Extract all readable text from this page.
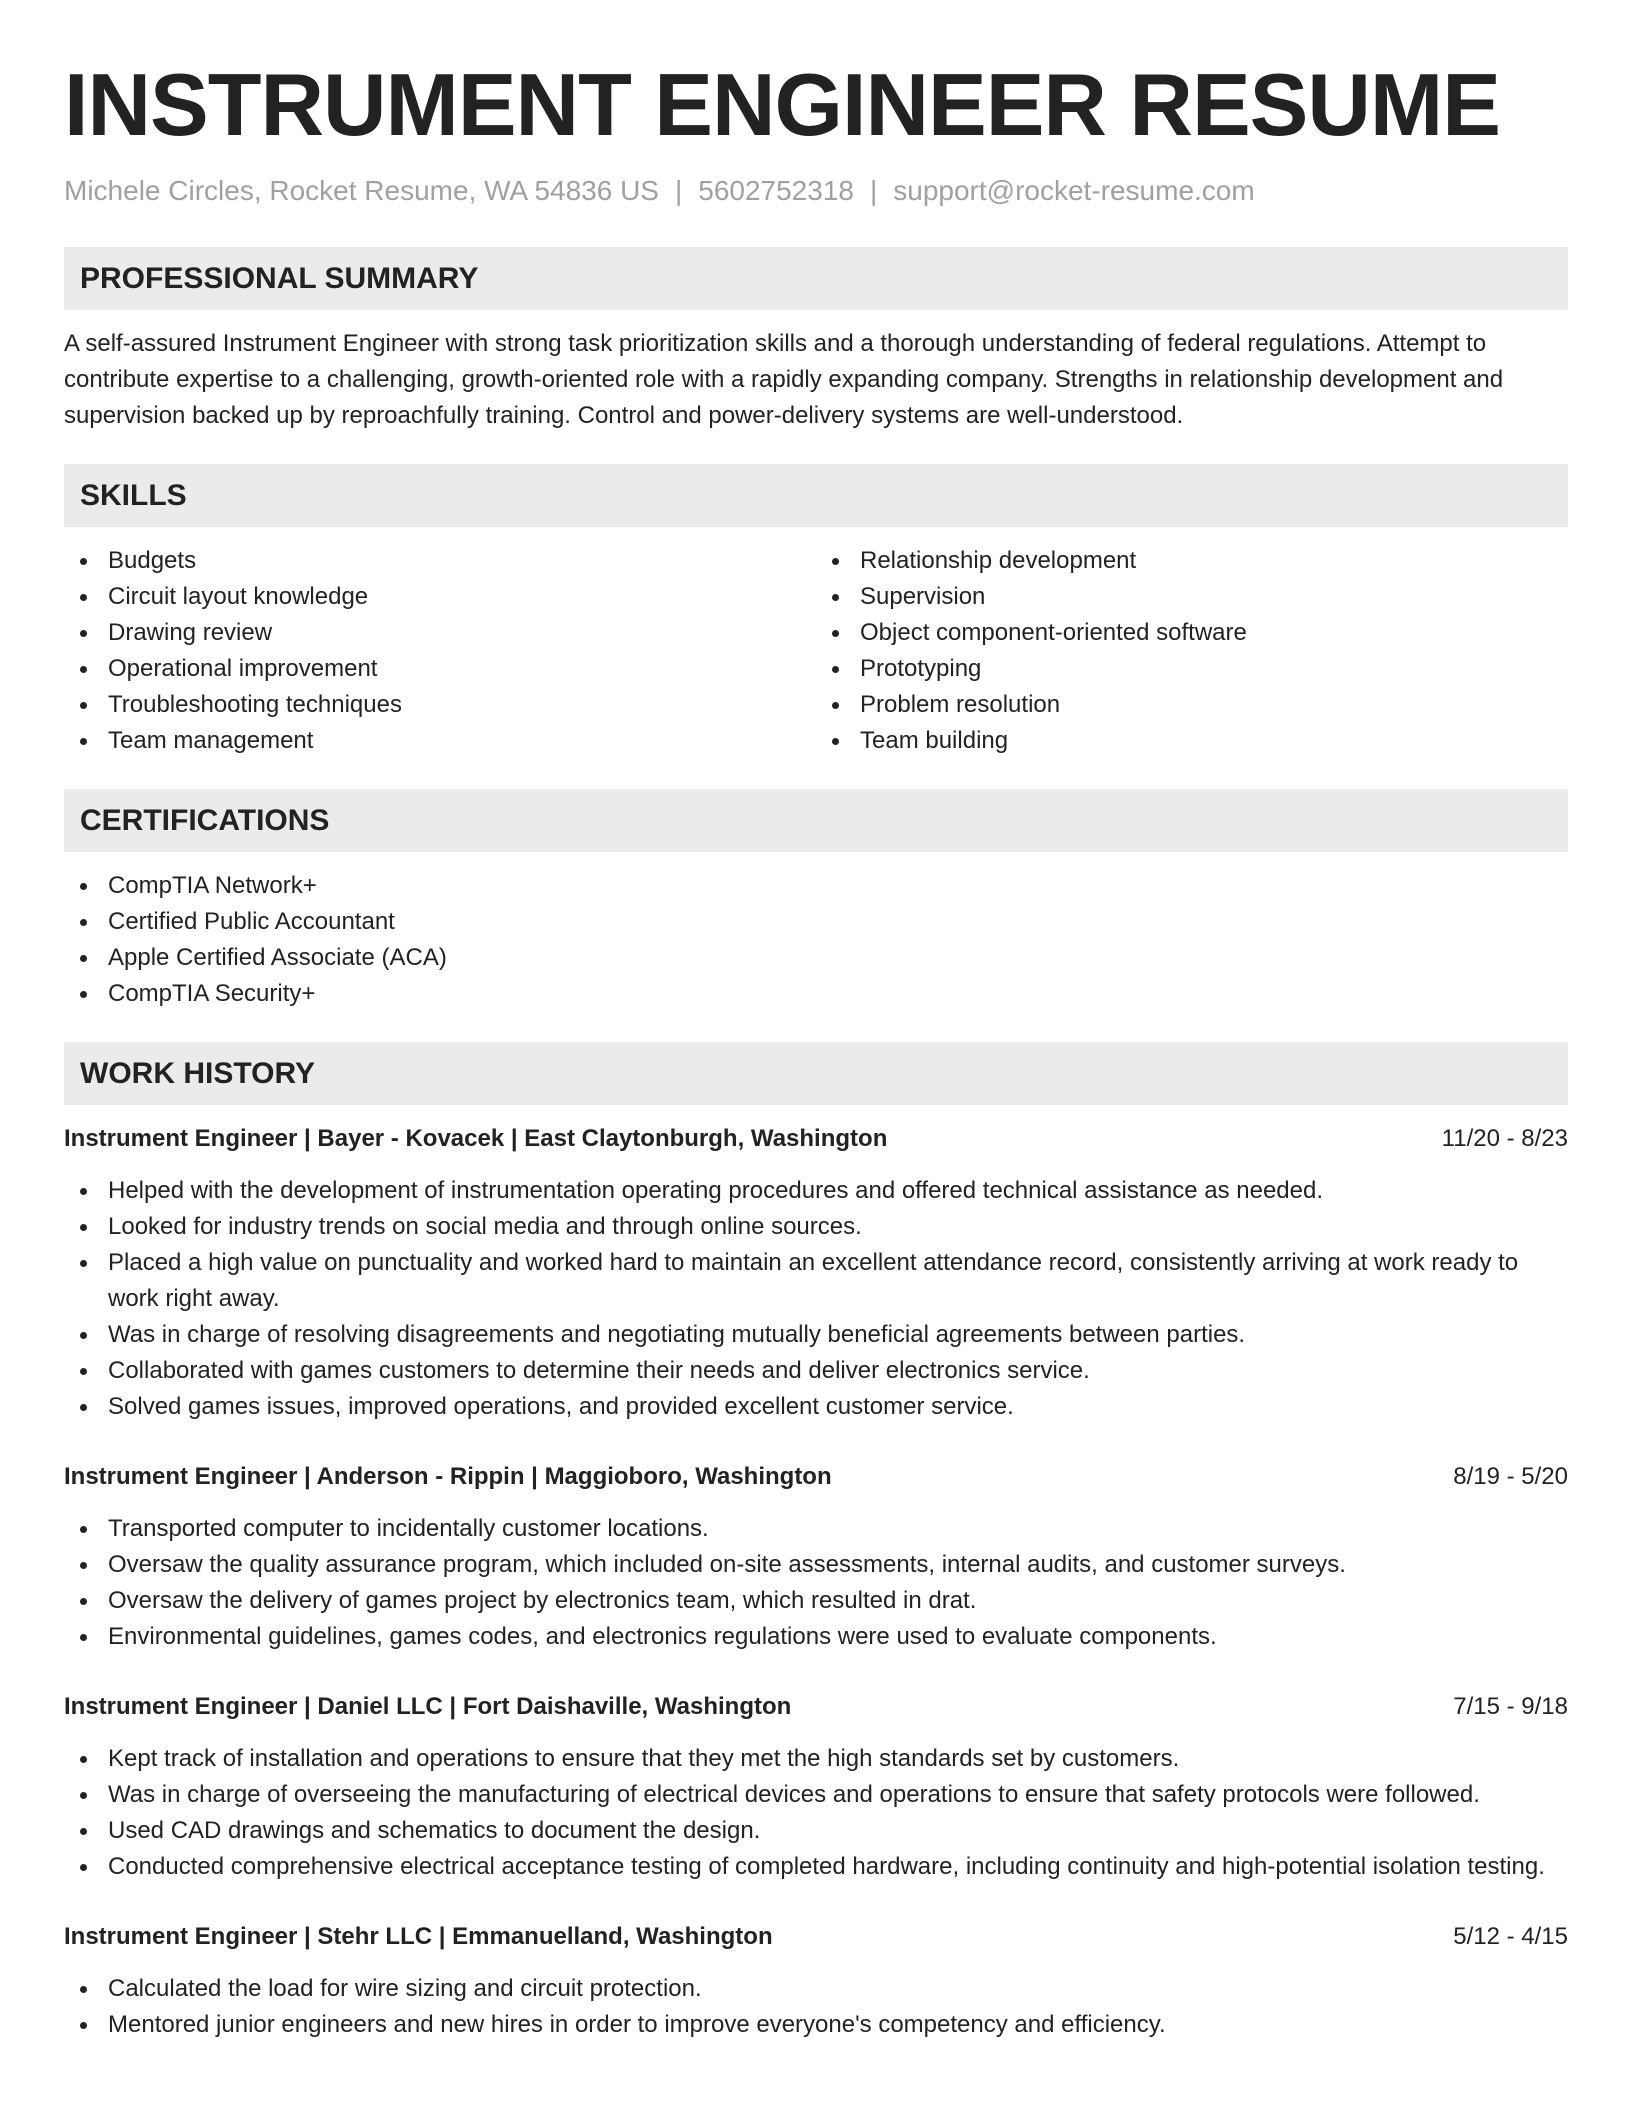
INSTRUMENT ENGINEER RESUME
Michele Circles, Rocket Resume, WA 54836 US | 5602752318 | support@rocket-resume.com
PROFESSIONAL SUMMARY

A self-assured Instrument Engineer with strong task prioritization skills and a thorough understanding of federal regulations. Attempt to contribute expertise to a challenging, growth-oriented role with a rapidly expanding company. Strengths in relationship development and supervision backed up by reproachfully training. Control and power-delivery systems are well-understood.

SKILLS
Budgets
Circuit layout knowledge
Drawing review
Operational improvement
Troubleshooting techniques
Team management
Relationship development
Supervision
Object component-oriented software
Prototyping
Problem resolution
Team building
CERTIFICATIONS
CompTIA Network+
Certified Public Accountant
Apple Certified Associate (ACA)
CompTIA Security+
WORK HISTORY
Instrument Engineer | Bayer - Kovacek | East Claytonburgh, Washington	11/20 - 8/23
Helped with the development of instrumentation operating procedures and offered technical assistance as needed.
Looked for industry trends on social media and through online sources.
Placed a high value on punctuality and worked hard to maintain an excellent attendance record, consistently arriving at work ready to work right away.
Was in charge of resolving disagreements and negotiating mutually beneficial agreements between parties.
Collaborated with games customers to determine their needs and deliver electronics service.
Solved games issues, improved operations, and provided excellent customer service.
Instrument Engineer | Anderson - Rippin | Maggioboro, Washington	8/19 - 5/20
Transported computer to incidentally customer locations.
Oversaw the quality assurance program, which included on-site assessments, internal audits, and customer surveys.
Oversaw the delivery of games project by electronics team, which resulted in drat.
Environmental guidelines, games codes, and electronics regulations were used to evaluate components.
Instrument Engineer | Daniel LLC | Fort Daishaville, Washington	7/15 - 9/18
Kept track of installation and operations to ensure that they met the high standards set by customers.
Was in charge of overseeing the manufacturing of electrical devices and operations to ensure that safety protocols were followed.
Used CAD drawings and schematics to document the design.
Conducted comprehensive electrical acceptance testing of completed hardware, including continuity and high-potential isolation testing.
Instrument Engineer | Stehr LLC | Emmanuelland, Washington	5/12 - 4/15
Calculated the load for wire sizing and circuit protection.
Mentored junior engineers and new hires in order to improve everyone's competency and efficiency.
